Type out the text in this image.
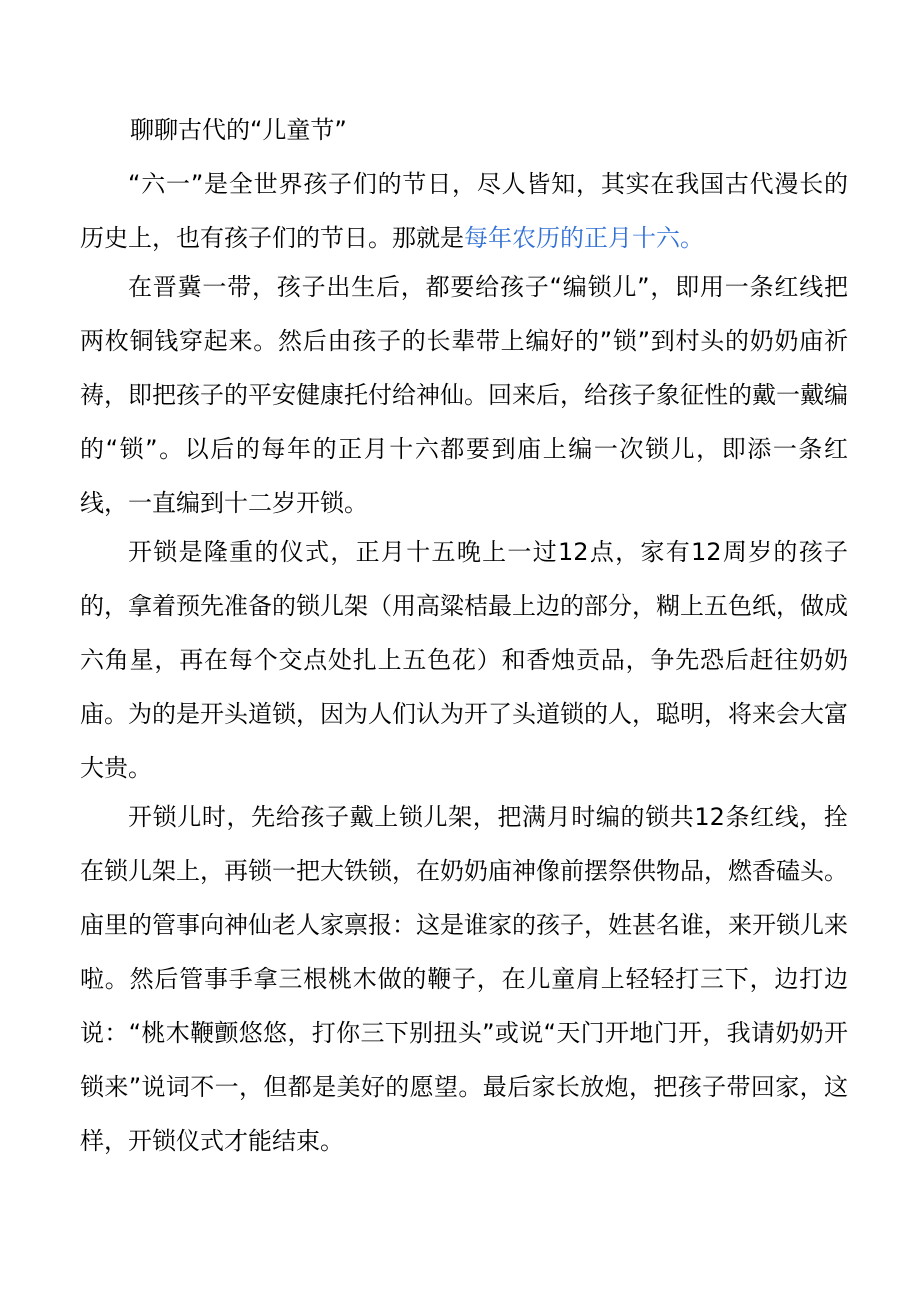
聊聊古代的“儿童节”

“六一”是全世界孩子们的节日，尽人皆知，其实在我国古代漫长的历史上，也有孩子们的节日。那就是每年农历的正月十六。

在晋冀一带，孩子出生后，都要给孩子“编锁儿”，即用一条红线把两枚铜钱穿起来。然后由孩子的长辈带上编好的”锁”到村头的奶奶庙祈祷，即把孩子的平安健康托付给神仙。回来后，给孩子象征性的戴一戴编的“锁”。以后的每年的正月十六都要到庙上编一次锁儿，即添一条红线，一直编到十二岁开锁。

开锁是隆重的仪式，正月十五晚上一过12点，家有12周岁的孩子的，拿着预先准备的锁儿架（用高粱桔最上边的部分，糊上五色纸，做成六角星，再在每个交点处扎上五色花）和香烛贡品，争先恐后赶往奶奶庙。为的是开头道锁，因为人们认为开了头道锁的人，聪明，将来会大富大贵。

开锁儿时，先给孩子戴上锁儿架，把满月时编的锁共12条红线，拴在锁儿架上，再锁一把大铁锁，在奶奶庙神像前摆祭供物品，燃香磕头。庙里的管事向神仙老人家禀报：这是谁家的孩子，姓甚名谁，来开锁儿来啦。然后管事手拿三根桃木做的鞭子，在儿童肩上轻轻打三下，边打边说：“桃木鞭颤悠悠，打你三下别扭头”或说“天门开地门开，我请奶奶开锁来”说词不一，但都是美好的愿望。最后家长放炮，把孩子带回家，这样，开锁仪式才能结束。
